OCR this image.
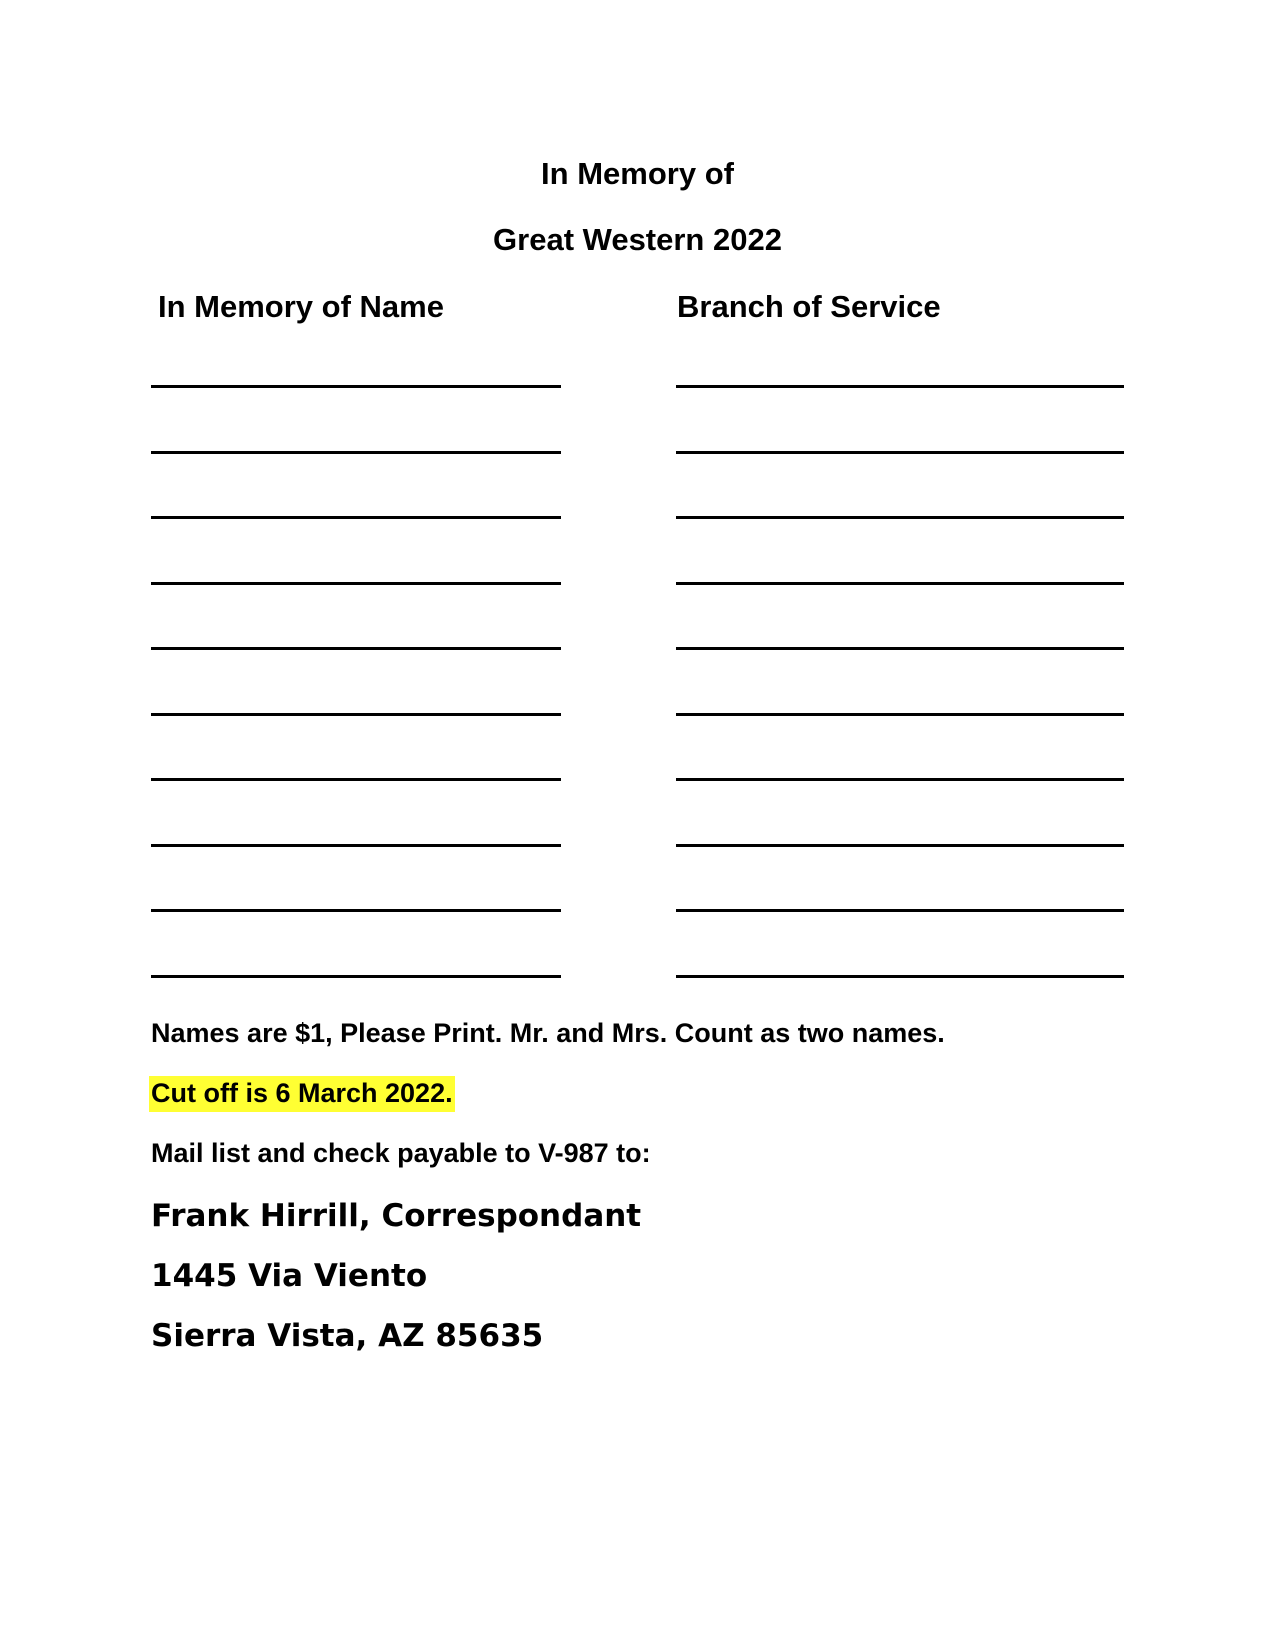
In Memory of
Great Western 2022
In Memory of Name	Branch of Service
Names are $1, Please Print. Mr. and Mrs. Count as two names.
Cut off is 6 March 2022.
Mail list and check payable to V-987 to:
Frank Hirrill, Correspondant
1445 Via Viento
Sierra Vista, AZ 85635
